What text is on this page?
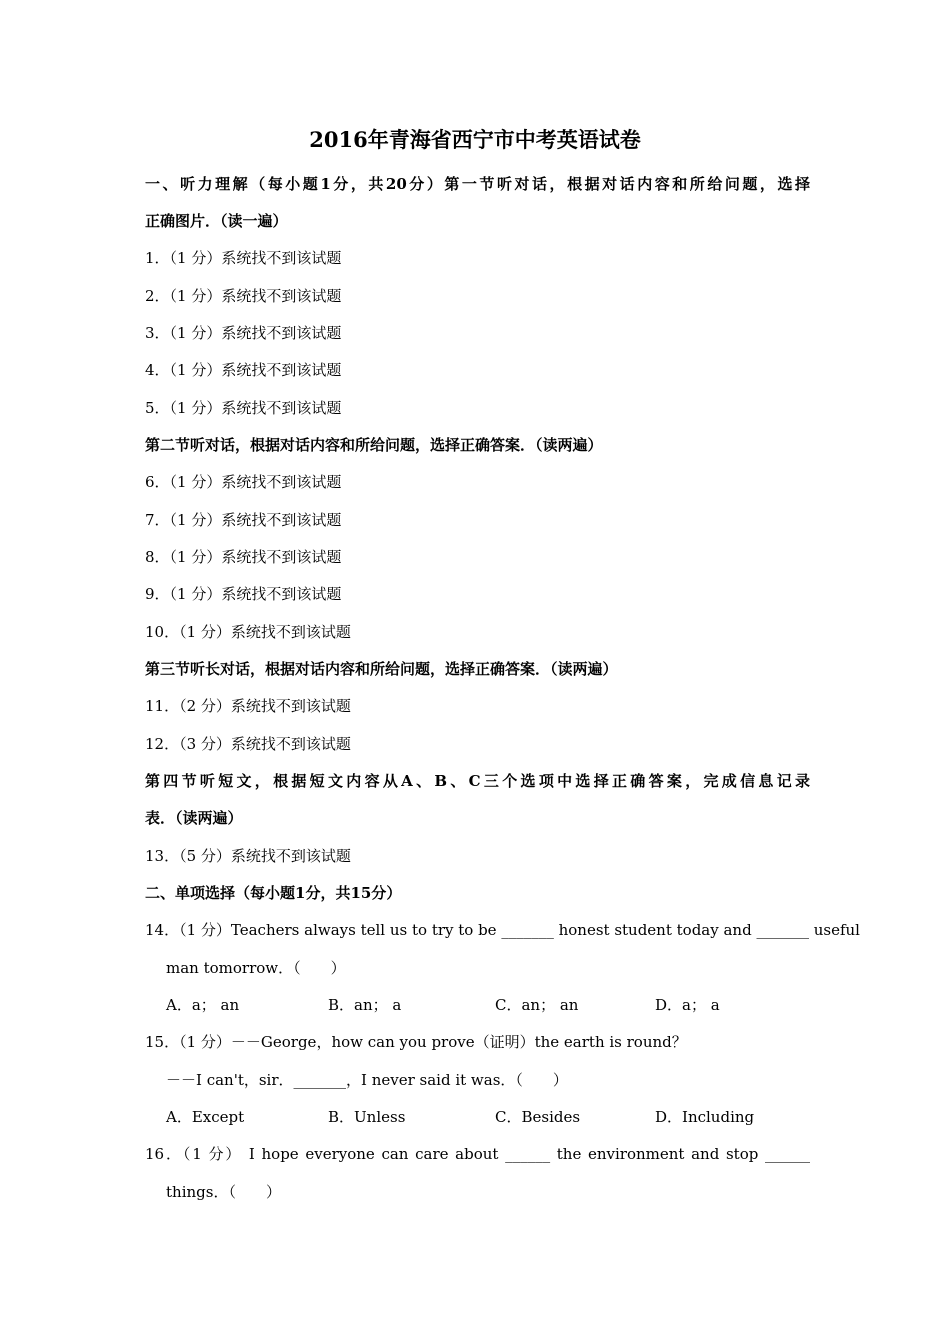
2016年青海省西宁市中考英语试卷
一、听力理解（每小题1分，共20分）第一节听对话，根据对话内容和所给问题，选择
正确图片．（读一遍）
1．（1 分）系统找不到该试题
2．（1 分）系统找不到该试题
3．（1 分）系统找不到该试题
4．（1 分）系统找不到该试题
5．（1 分）系统找不到该试题
第二节听对话，根据对话内容和所给问题，选择正确答案．（读两遍）
6．（1 分）系统找不到该试题
7．（1 分）系统找不到该试题
8．（1 分）系统找不到该试题
9．（1 分）系统找不到该试题
10．（1 分）系统找不到该试题
第三节听长对话，根据对话内容和所给问题，选择正确答案．（读两遍）
11．（2 分）系统找不到该试题
12．（3 分）系统找不到该试题
第四节听短文，根据短文内容从A、B、C三个选项中选择正确答案，完成信息记录
表．（读两遍）
13．（5 分）系统找不到该试题
二、单项选择（每小题1分，共15分）
14．（1 分）Teachers always tell us to try to be _______ honest student today and _______ useful
man tomorrow．（　　）
A．a； an	B．an； a	C．an； an	D．a； a
15．（1 分）－－George，how can you prove（证明）the earth is round？
－－I can't，sir．_______，I never said it was．（　　）
A．Except	B．Unless	C．Besides	D．Including
16．（1 分） I hope everyone can care about ______ the environment and stop ______
things．（　　）
